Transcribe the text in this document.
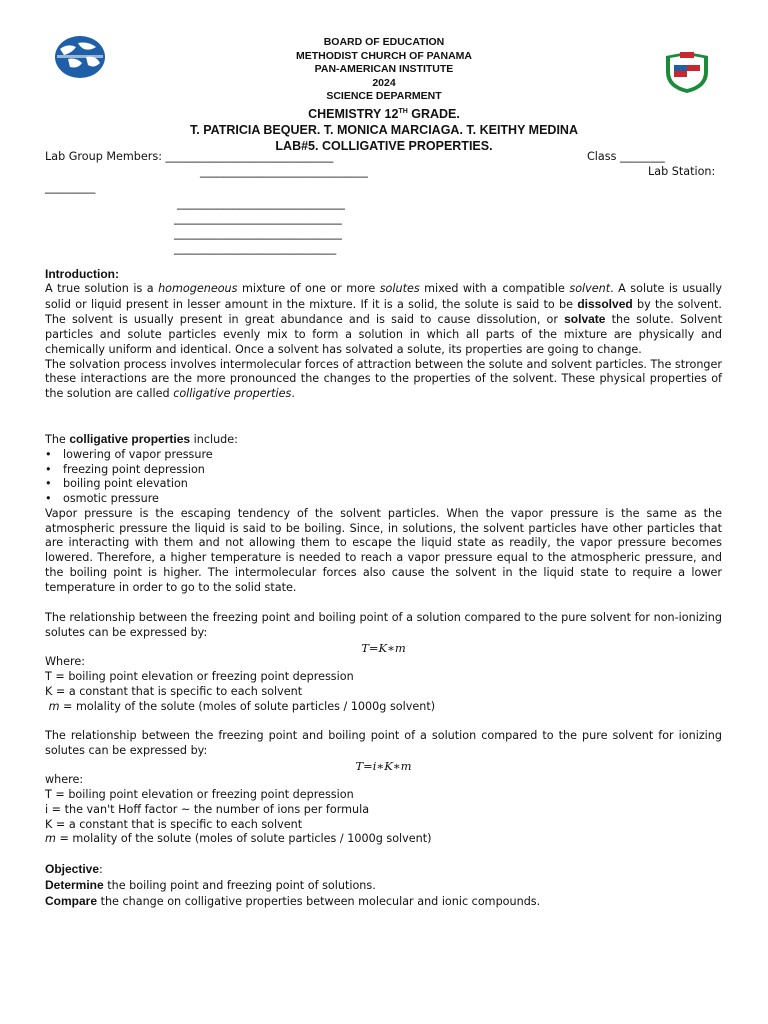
BOARD OF EDUCATION
METHODIST CHURCH OF PANAMA
PAN-AMERICAN INSTITUTE
2024
SCIENCE DEPARMENT
CHEMISTRY 12TH GRADE.
T. PATRICIA BEQUER. T. MONICA MARCIAGA. T. KEITHY MEDINA
LAB#5. COLLIGATIVE PROPERTIES.
Lab Group Members: ______________________________	Class ________
______________________________	Lab Station:
_________
______________________________
______________________________
______________________________
_____________________________
Introduction:
A true solution is a homogeneous mixture of one or more solutes mixed with a compatible solvent. A solute is usually solid or liquid present in lesser amount in the mixture. If it is a solid, the solute is said to be dissolved by the solvent. The solvent is usually present in great abundance and is said to cause dissolution, or solvate the solute. Solvent particles and solute particles evenly mix to form a solution in which all parts of the mixture are physically and chemically uniform and identical. Once a solvent has solvated a solute, its properties are going to change.
The solvation process involves intermolecular forces of attraction between the solute and solvent particles. The stronger these interactions are the more pronounced the changes to the properties of the solvent. These physical properties of the solution are called colligative properties.
The colligative properties include:
• lowering of vapor pressure
• freezing point depression
• boiling point elevation
• osmotic pressure
Vapor pressure is the escaping tendency of the solvent particles. When the vapor pressure is the same as the atmospheric pressure the liquid is said to be boiling. Since, in solutions, the solvent particles have other particles that are interacting with them and not allowing them to escape the liquid state as readily, the vapor pressure becomes lowered. Therefore, a higher temperature is needed to reach a vapor pressure equal to the atmospheric pressure, and the boiling point is higher. The intermolecular forces also cause the solvent in the liquid state to require a lower temperature in order to go to the solid state.
The relationship between the freezing point and boiling point of a solution compared to the pure solvent for non-ionizing solutes can be expressed by:
T=K∗m
Where:
T = boiling point elevation or freezing point depression
K = a constant that is specific to each solvent
m = molality of the solute (moles of solute particles / 1000g solvent)
The relationship between the freezing point and boiling point of a solution compared to the pure solvent for ionizing solutes can be expressed by:
T=i∗K∗m
where:
T = boiling point elevation or freezing point depression
i = the van't Hoff factor ~ the number of ions per formula
K = a constant that is specific to each solvent
m = molality of the solute (moles of solute particles / 1000g solvent)
Objective:
Determine the boiling point and freezing point of solutions.
Compare the change on colligative properties between molecular and ionic compounds.
